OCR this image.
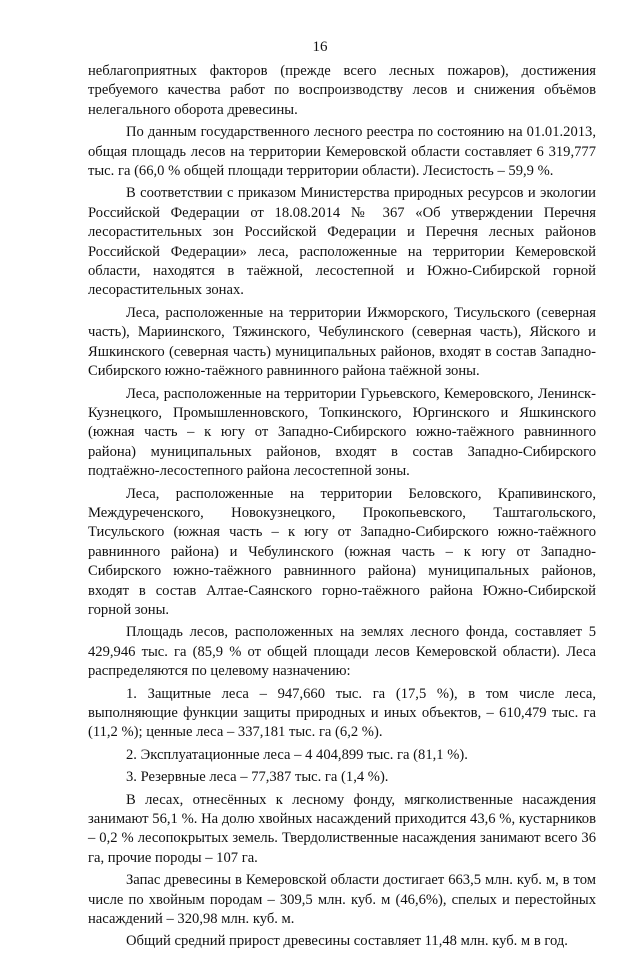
16

неблагоприятных факторов (прежде всего лесных пожаров), достижения требуемого качества работ по воспроизводству лесов и снижения объёмов нелегального оборота древесины.

По данным государственного лесного реестра по состоянию на 01.01.2013, общая площадь лесов на территории Кемеровской области составляет 6 319,777 тыс. га (66,0 % общей площади территории области). Лесистость – 59,9 %.

В соответствии с приказом Министерства природных ресурсов и экологии Российской Федерации от 18.08.2014 № 367 «Об утверждении Перечня лесорастительных зон Российской Федерации и Перечня лесных районов Российской Федерации» леса, расположенные на территории Кемеровской области, находятся в таёжной, лесостепной и Южно-Сибирской горной лесорастительных зонах.

Леса, расположенные на территории Ижморского, Тисульского (северная часть), Мариинского, Тяжинского, Чебулинского (северная часть), Яйского и Яшкинского (северная часть) муниципальных районов, входят в состав Западно-Сибирского южно-таёжного равнинного района таёжной зоны.

Леса, расположенные на территории Гурьевского, Кемеровского, Ленинск-Кузнецкого, Промышленновского, Топкинского, Юргинского и Яшкинского (южная часть – к югу от Западно-Сибирского южно-таёжного равнинного района) муниципальных районов, входят в состав Западно-Сибирского подтаёжно-лесостепного района лесостепной зоны.

Леса, расположенные на территории Беловского, Крапивинского, Междуреченского, Новокузнецкого, Прокопьевского, Таштагольского, Тисульского (южная часть – к югу от Западно-Сибирского южно-таёжного равнинного района) и Чебулинского (южная часть – к югу от Западно-Сибирского южно-таёжного равнинного района) муниципальных районов, входят в состав Алтае-Саянского горно-таёжного района Южно-Сибирской горной зоны.

Площадь лесов, расположенных на землях лесного фонда, составляет 5 429,946 тыс. га (85,9 % от общей площади лесов Кемеровской области). Леса распределяются по целевому назначению:

1. Защитные леса – 947,660 тыс. га (17,5 %), в том числе леса, выполняющие функции защиты природных и иных объектов, – 610,479 тыс. га (11,2 %); ценные леса – 337,181 тыс. га (6,2 %).

2. Эксплуатационные леса – 4 404,899 тыс. га (81,1 %).

3. Резервные леса – 77,387 тыс. га (1,4 %).

В лесах, отнесённых к лесному фонду, мягколиственные насаждения занимают 56,1 %. На долю хвойных насаждений приходится 43,6 %, кустарников – 0,2 % лесопокрытых земель. Твердолиственные насаждения занимают всего 36 га, прочие породы – 107 га.

Запас древесины в Кемеровской области достигает 663,5 млн. куб. м, в том числе по хвойным породам – 309,5 млн. куб. м (46,6%), спелых и перестойных насаждений – 320,98 млн. куб. м.

Общий средний прирост древесины составляет 11,48 млн. куб. м в год.
